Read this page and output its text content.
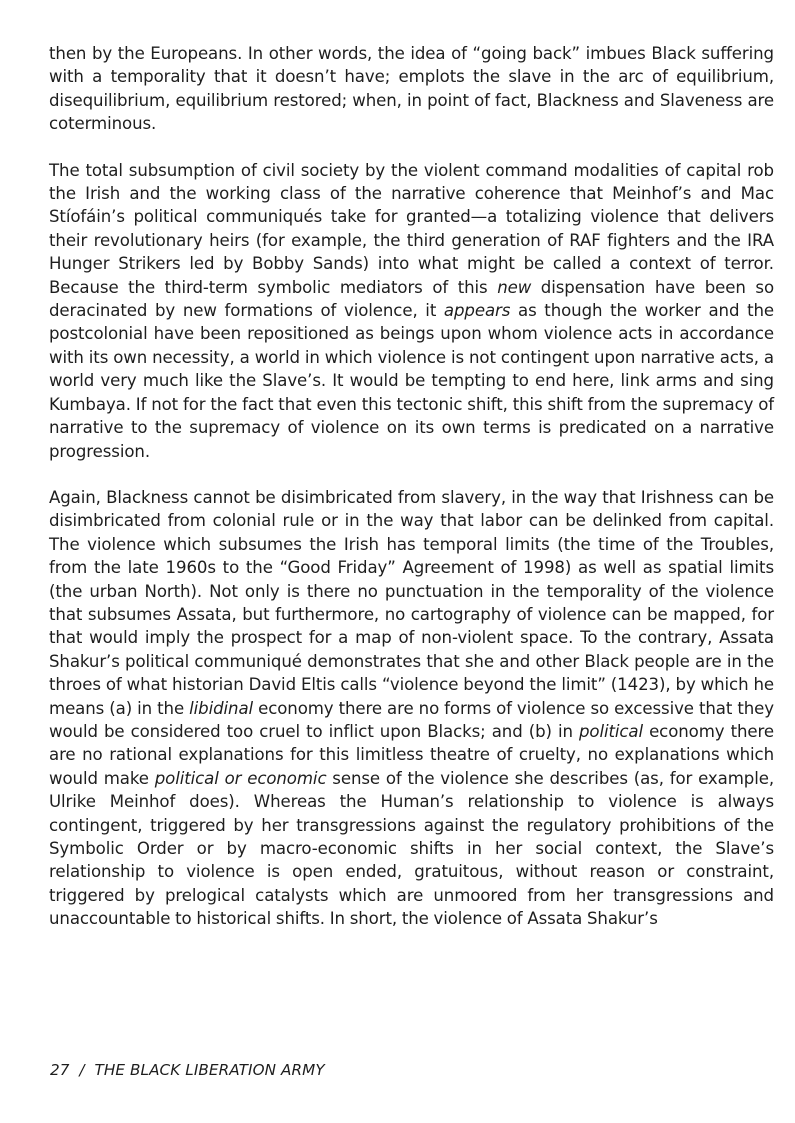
then by the Europeans. In other words, the idea of “going back” imbues Black suffering with a temporality that it doesn’t have; emplots the slave in the arc of equilibrium, disequilibrium, equilibrium restored; when, in point of fact, Blackness and Slaveness are coterminous.

The total subsumption of civil society by the violent command modalities of capital rob the Irish and the working class of the narrative coherence that Meinhof’s and Mac Stíofáin’s political communiqués take for granted—a totalizing violence that delivers their revolutionary heirs (for example, the third generation of RAF fighters and the IRA Hunger Strikers led by Bobby Sands) into what might be called a context of terror. Because the third-term symbolic mediators of this new dispensation have been so deracinated by new formations of violence, it appears as though the worker and the postcolonial have been repositioned as beings upon whom violence acts in accordance with its own necessity, a world in which violence is not contingent upon narrative acts, a world very much like the Slave’s. It would be tempting to end here, link arms and sing Kumbaya. If not for the fact that even this tectonic shift, this shift from the supremacy of narrative to the supremacy of violence on its own terms is predicated on a narrative progression.

Again, Blackness cannot be disimbricated from slavery, in the way that Irishness can be disimbricated from colonial rule or in the way that labor can be delinked from capital. The violence which subsumes the Irish has temporal limits (the time of the Troubles, from the late 1960s to the “Good Friday” Agreement of 1998) as well as spatial limits (the urban North). Not only is there no punctuation in the temporality of the violence that subsumes Assata, but furthermore, no cartography of violence can be mapped, for that would imply the prospect for a map of non-violent space. To the contrary, Assata Shakur’s political communiqué demonstrates that she and other Black people are in the throes of what historian David Eltis calls “violence beyond the limit” (1423), by which he means (a) in the libidinal economy there are no forms of violence so excessive that they would be considered too cruel to inflict upon Blacks; and (b) in political economy there are no rational explanations for this limitless theatre of cruelty, no explanations which would make political or economic sense of the violence she describes (as, for example, Ulrike Meinhof does). Whereas the Human’s relationship to violence is always contingent, triggered by her transgressions against the regulatory prohibitions of the Symbolic Order or by macro-economic shifts in her social context, the Slave’s relationship to violence is open ended, gratuitous, without reason or constraint, triggered by prelogical catalysts which are unmoored from her transgressions and unaccountable to historical shifts. In short, the violence of Assata Shakur’s

27 / THE BLACK LIBERATION ARMY
